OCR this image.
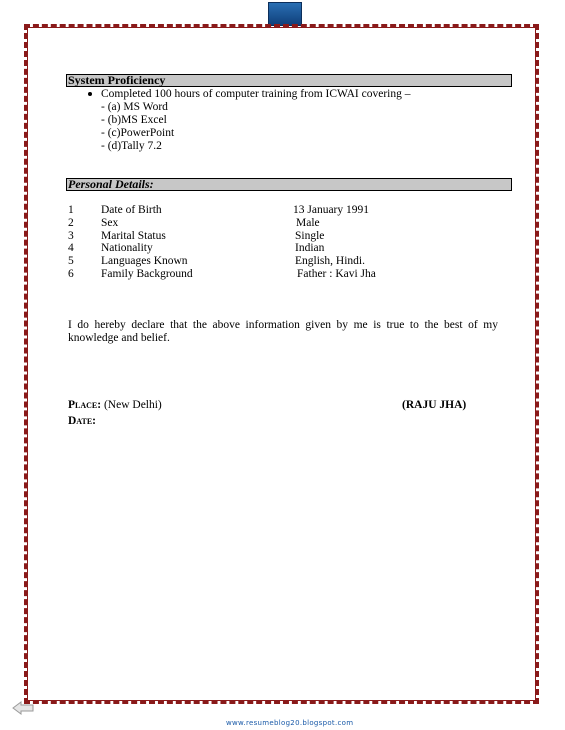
System Proficiency
Completed 100 hours of computer training from ICWAI covering –
- (a) MS Word
- (b)MS Excel
- (c)PowerPoint
- (d)Tally 7.2
Personal Details:
1 Date of Birth	13 January 1991
2 Sex	Male
3 Marital Status	Single
4 Nationality	Indian
5 Languages Known	English, Hindi.
6 Family Background	Father : Kavi Jha
I do hereby declare that the above information given by me is true to the best of my knowledge and belief.
Place: (New Delhi)	(RAJU JHA)
Date:
www.resumeblog20.blogspot.com
